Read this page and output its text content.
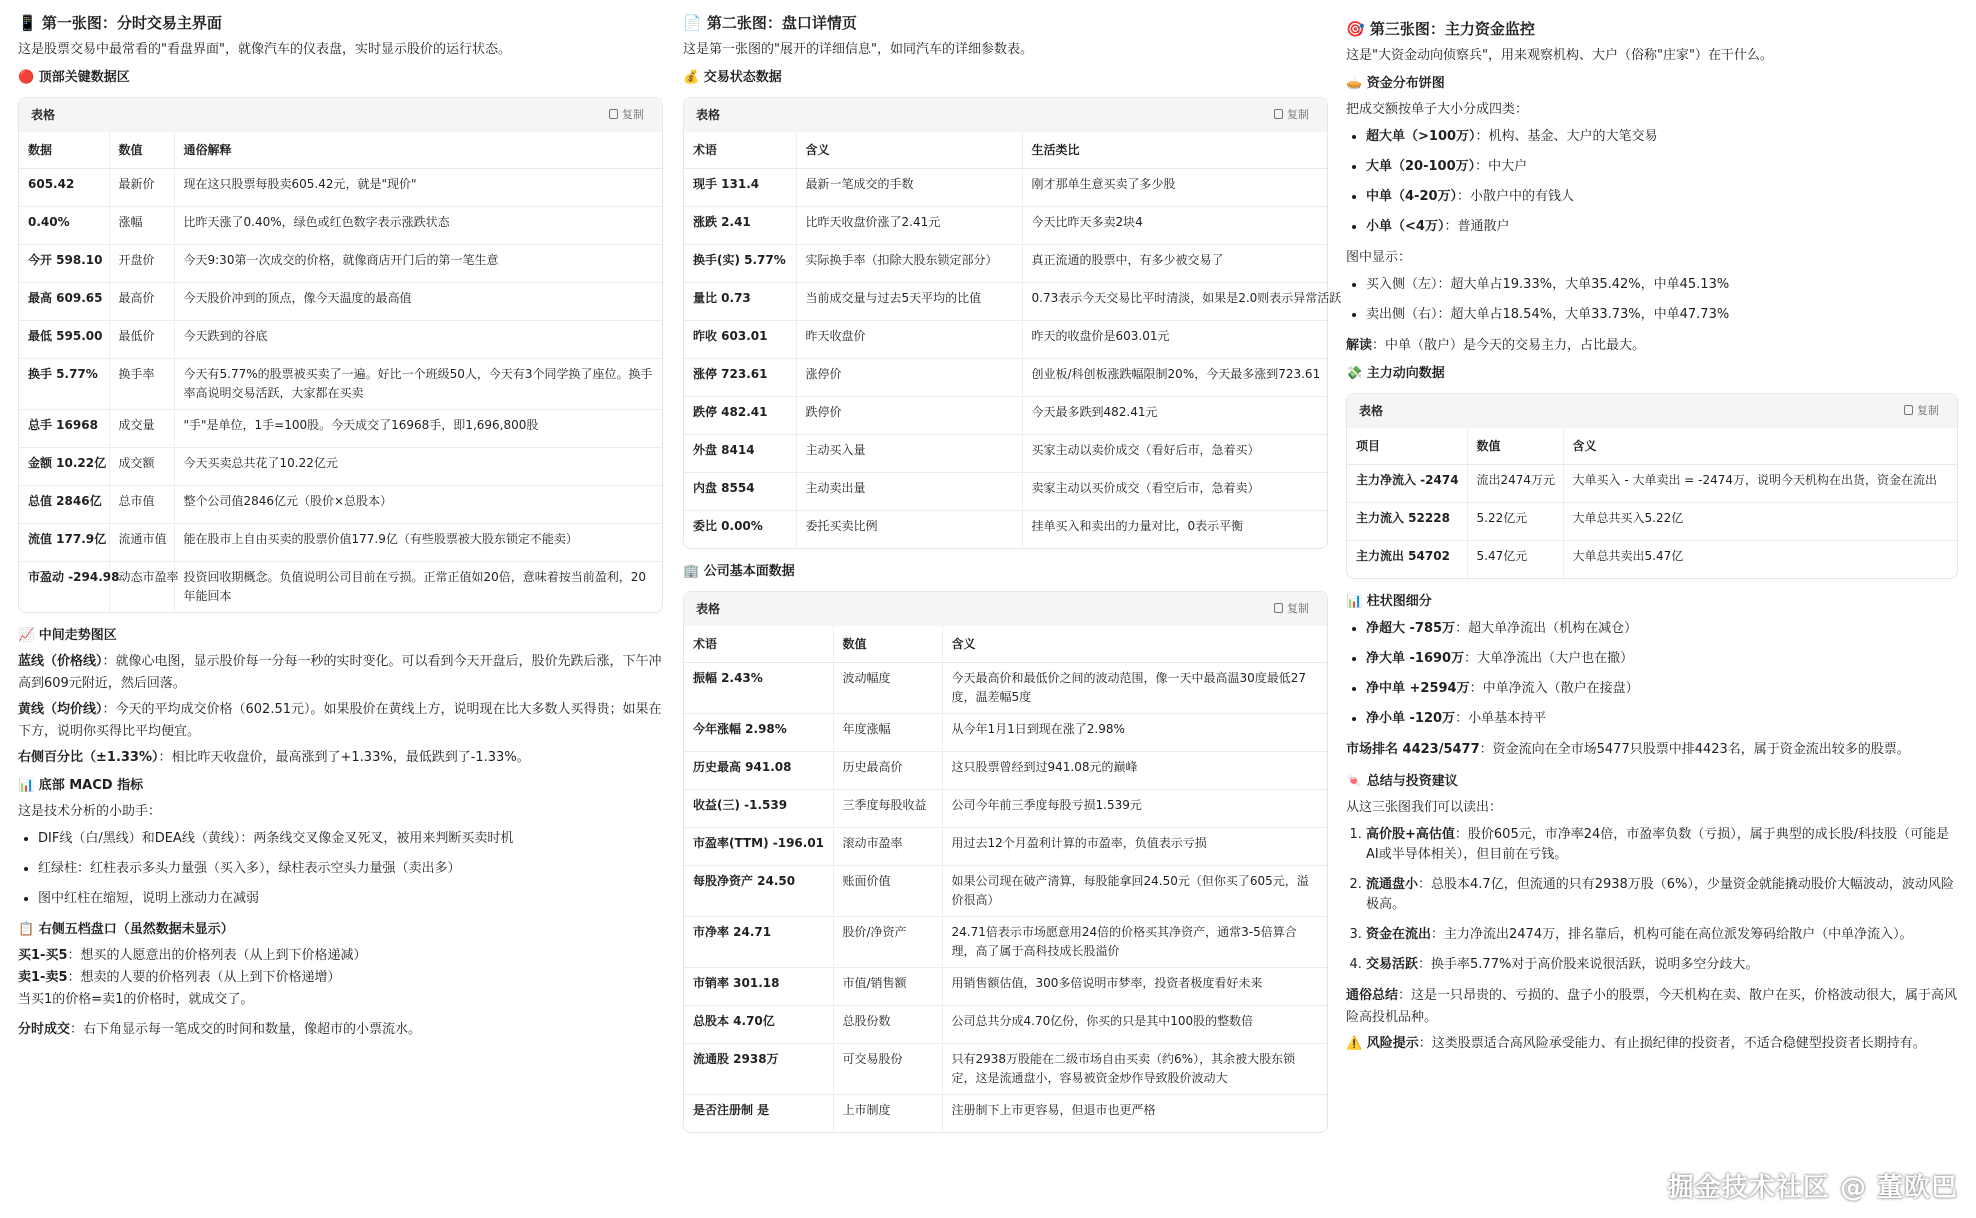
📱 第一张图：分时交易主界面
这是股票交易中最常看的"看盘界面"，就像汽车的仪表盘，实时显示股价的运行状态。
🔴 顶部关键数据区
表格	复制
数据	数值	通俗解释
605.42	最新价	现在这只股票每股卖605.42元，就是"现价"
0.40%	涨幅	比昨天涨了0.40%，绿色或红色数字表示涨跌状态
今开 598.10	开盘价	今天9:30第一次成交的价格，就像商店开门后的第一笔生意
最高 609.65	最高价	今天股价冲到的顶点，像今天温度的最高值
最低 595.00	最低价	今天跌到的谷底
换手 5.77%	换手率	今天有5.77%的股票被买卖了一遍。好比一个班级50人，今天有3个同学换了座位。换手率高说明交易活跃，大家都在买卖
总手 16968	成交量	"手"是单位，1手=100股。今天成交了16968手，即1,696,800股
金额 10.22亿	成交额	今天买卖总共花了10.22亿元
总值 2846亿	总市值	整个公司值2846亿元（股价×总股本）
流值 177.9亿	流通市值	能在股市上自由买卖的股票价值177.9亿（有些股票被大股东锁定不能卖）
市盈动 -294.98	动态市盈率	投资回收期概念。负值说明公司目前在亏损。正常正值如20倍，意味着按当前盈利，20年能回本
📈 中间走势图区
蓝线（价格线）：就像心电图，显示股价每一分每一秒的实时变化。可以看到今天开盘后，股价先跌后涨，下午冲高到609元附近，然后回落。
黄线（均价线）：今天的平均成交价格（602.51元）。如果股价在黄线上方，说明现在比大多数人买得贵；如果在下方，说明你买得比平均便宜。
右侧百分比（±1.33%）：相比昨天收盘价，最高涨到了+1.33%，最低跌到了-1.33%。
📊 底部 MACD 指标
这是技术分析的小助手：
• DIF线（白/黑线）和DEA线（黄线）：两条线交叉像金叉死叉，被用来判断买卖时机
• 红绿柱：红柱表示多头力量强（买入多），绿柱表示空头力量强（卖出多）
• 图中红柱在缩短，说明上涨动力在减弱
📋 右侧五档盘口（虽然数据未显示）
买1-买5：想买的人愿意出的价格列表（从上到下价格递减）
卖1-卖5：想卖的人要的价格列表（从上到下价格递增）
当买1的价格=卖1的价格时，就成交了。
分时成交：右下角显示每一笔成交的时间和数量，像超市的小票流水。
📄 第二张图：盘口详情页
这是第一张图的"展开的详细信息"，如同汽车的详细参数表。
💰 交易状态数据
表格	复制
术语	含义	生活类比
现手 131.4	最新一笔成交的手数	刚才那单生意买卖了多少股
涨跌 2.41	比昨天收盘价涨了2.41元	今天比昨天多卖2块4
换手(实) 5.77%	实际换手率（扣除大股东锁定部分）	真正流通的股票中，有多少被交易了
量比 0.73	当前成交量与过去5天平均的比值	0.73表示今天交易比平时清淡，如果是2.0则表示异常活跃
昨收 603.01	昨天收盘价	昨天的收盘价是603.01元
涨停 723.61	涨停价	创业板/科创板涨跌幅限制20%，今天最多涨到723.61
跌停 482.41	跌停价	今天最多跌到482.41元
外盘 8414	主动买入量	买家主动以卖价成交（看好后市，急着买）
内盘 8554	主动卖出量	卖家主动以买价成交（看空后市，急着卖）
委比 0.00%	委托买卖比例	挂单买入和卖出的力量对比，0表示平衡
🏢 公司基本面数据
表格	复制
术语	数值	含义
振幅 2.43%	波动幅度	今天最高价和最低价之间的波动范围，像一天中最高温30度最低27度，温差幅5度
今年涨幅 2.98%	年度涨幅	从今年1月1日到现在涨了2.98%
历史最高 941.08	历史最高价	这只股票曾经到过941.08元的巅峰
收益(三) -1.539	三季度每股收益	公司今年前三季度每股亏损1.539元
市盈率(TTM) -196.01	滚动市盈率	用过去12个月盈利计算的市盈率，负值表示亏损
每股净资产 24.50	账面价值	如果公司现在破产清算，每股能拿回24.50元（但你买了605元，溢价很高）
市净率 24.71	股价/净资产	24.71倍表示市场愿意用24倍的价格买其净资产，通常3-5倍算合理，高了属于高科技成长股溢价
市销率 301.18	市值/销售额	用销售额估值，300多倍说明市梦率，投资者极度看好未来
总股本 4.70亿	总股份数	公司总共分成4.70亿份，你买的只是其中100股的整数倍
流通股 2938万	可交易股份	只有2938万股能在二级市场自由买卖（约6%），其余被大股东锁定，这是流通盘小，容易被资金炒作导致股价波动大
是否注册制 是	上市制度	注册制下上市更容易，但退市也更严格
🎯 第三张图：主力资金监控
这是"大资金动向侦察兵"，用来观察机构、大户（俗称"庄家"）在干什么。
🥧 资金分布饼图
把成交额按单子大小分成四类：
• 超大单（>100万）：机构、基金、大户的大笔交易
• 大单（20-100万）：中大户
• 中单（4-20万）：小散户中的有钱人
• 小单（<4万）：普通散户
图中显示：
• 买入侧（左）：超大单占19.33%，大单35.42%，中单45.13%
• 卖出侧（右）：超大单占18.54%，大单33.73%，中单47.73%
解读：中单（散户）是今天的交易主力，占比最大。
💸 主力动向数据
表格	复制
项目	数值	含义
主力净流入 -2474	流出2474万元	大单买入 - 大单卖出 = -2474万，说明今天机构在出货，资金在流出
主力流入 52228	5.22亿元	大单总共买入5.22亿
主力流出 54702	5.47亿元	大单总共卖出5.47亿
📊 柱状图细分
• 净超大 -785万：超大单净流出（机构在减仓）
• 净大单 -1690万：大单净流出（大户也在撤）
• 净中单 +2594万：中单净流入（散户在接盘）
• 净小单 -120万：小单基本持平
市场排名 4423/5477：资金流向在全市场5477只股票中排4423名，属于资金流出较多的股票。
🍬 总结与投资建议
从这三张图我们可以读出：
1. 高价股+高估值：股价605元，市净率24倍，市盈率负数（亏损），属于典型的成长股/科技股（可能是AI或半导体相关），但目前在亏钱。
2. 流通盘小：总股本4.7亿，但流通的只有2938万股（6%），少量资金就能撬动股价大幅波动，波动风险极高。
3. 资金在流出：主力净流出2474万，排名靠后，机构可能在高位派发筹码给散户（中单净流入）。
4. 交易活跃：换手率5.77%对于高价股来说很活跃，说明多空分歧大。
通俗总结：这是一只昂贵的、亏损的、盘子小的股票，今天机构在卖、散户在买，价格波动很大，属于高风险高投机品种。
⚠️ 风险提示：这类股票适合高风险承受能力、有止损纪律的投资者，不适合稳健型投资者长期持有。
掘金技术社区 @ 董欧巴
